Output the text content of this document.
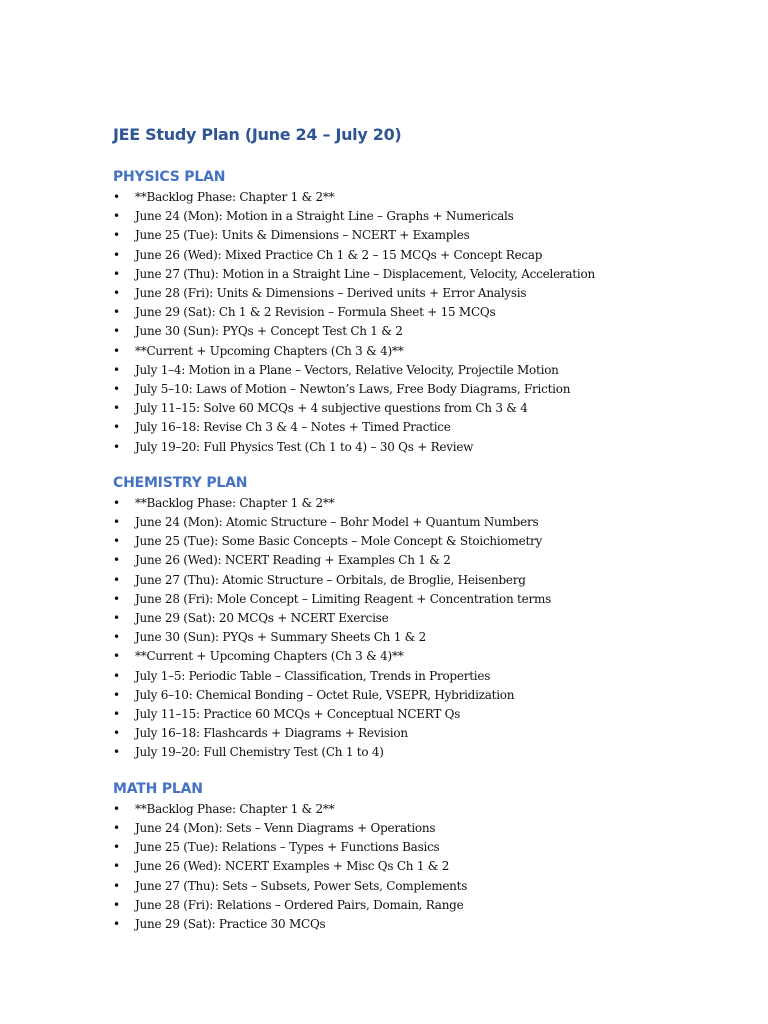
JEE Study Plan (June 24 – July 20)
PHYSICS PLAN
• **Backlog Phase: Chapter 1 & 2**
• June 24 (Mon): Motion in a Straight Line – Graphs + Numericals
• June 25 (Tue): Units & Dimensions – NCERT + Examples
• June 26 (Wed): Mixed Practice Ch 1 & 2 – 15 MCQs + Concept Recap
• June 27 (Thu): Motion in a Straight Line – Displacement, Velocity, Acceleration
• June 28 (Fri): Units & Dimensions – Derived units + Error Analysis
• June 29 (Sat): Ch 1 & 2 Revision – Formula Sheet + 15 MCQs
• June 30 (Sun): PYQs + Concept Test Ch 1 & 2
• **Current + Upcoming Chapters (Ch 3 & 4)**
• July 1–4: Motion in a Plane – Vectors, Relative Velocity, Projectile Motion
• July 5–10: Laws of Motion – Newton’s Laws, Free Body Diagrams, Friction
• July 11–15: Solve 60 MCQs + 4 subjective questions from Ch 3 & 4
• July 16–18: Revise Ch 3 & 4 – Notes + Timed Practice
• July 19–20: Full Physics Test (Ch 1 to 4) – 30 Qs + Review
CHEMISTRY PLAN
• **Backlog Phase: Chapter 1 & 2**
• June 24 (Mon): Atomic Structure – Bohr Model + Quantum Numbers
• June 25 (Tue): Some Basic Concepts – Mole Concept & Stoichiometry
• June 26 (Wed): NCERT Reading + Examples Ch 1 & 2
• June 27 (Thu): Atomic Structure – Orbitals, de Broglie, Heisenberg
• June 28 (Fri): Mole Concept – Limiting Reagent + Concentration terms
• June 29 (Sat): 20 MCQs + NCERT Exercise
• June 30 (Sun): PYQs + Summary Sheets Ch 1 & 2
• **Current + Upcoming Chapters (Ch 3 & 4)**
• July 1–5: Periodic Table – Classification, Trends in Properties
• July 6–10: Chemical Bonding – Octet Rule, VSEPR, Hybridization
• July 11–15: Practice 60 MCQs + Conceptual NCERT Qs
• July 16–18: Flashcards + Diagrams + Revision
• July 19–20: Full Chemistry Test (Ch 1 to 4)
MATH PLAN
• **Backlog Phase: Chapter 1 & 2**
• June 24 (Mon): Sets – Venn Diagrams + Operations
• June 25 (Tue): Relations – Types + Functions Basics
• June 26 (Wed): NCERT Examples + Misc Qs Ch 1 & 2
• June 27 (Thu): Sets – Subsets, Power Sets, Complements
• June 28 (Fri): Relations – Ordered Pairs, Domain, Range
• June 29 (Sat): Practice 30 MCQs
